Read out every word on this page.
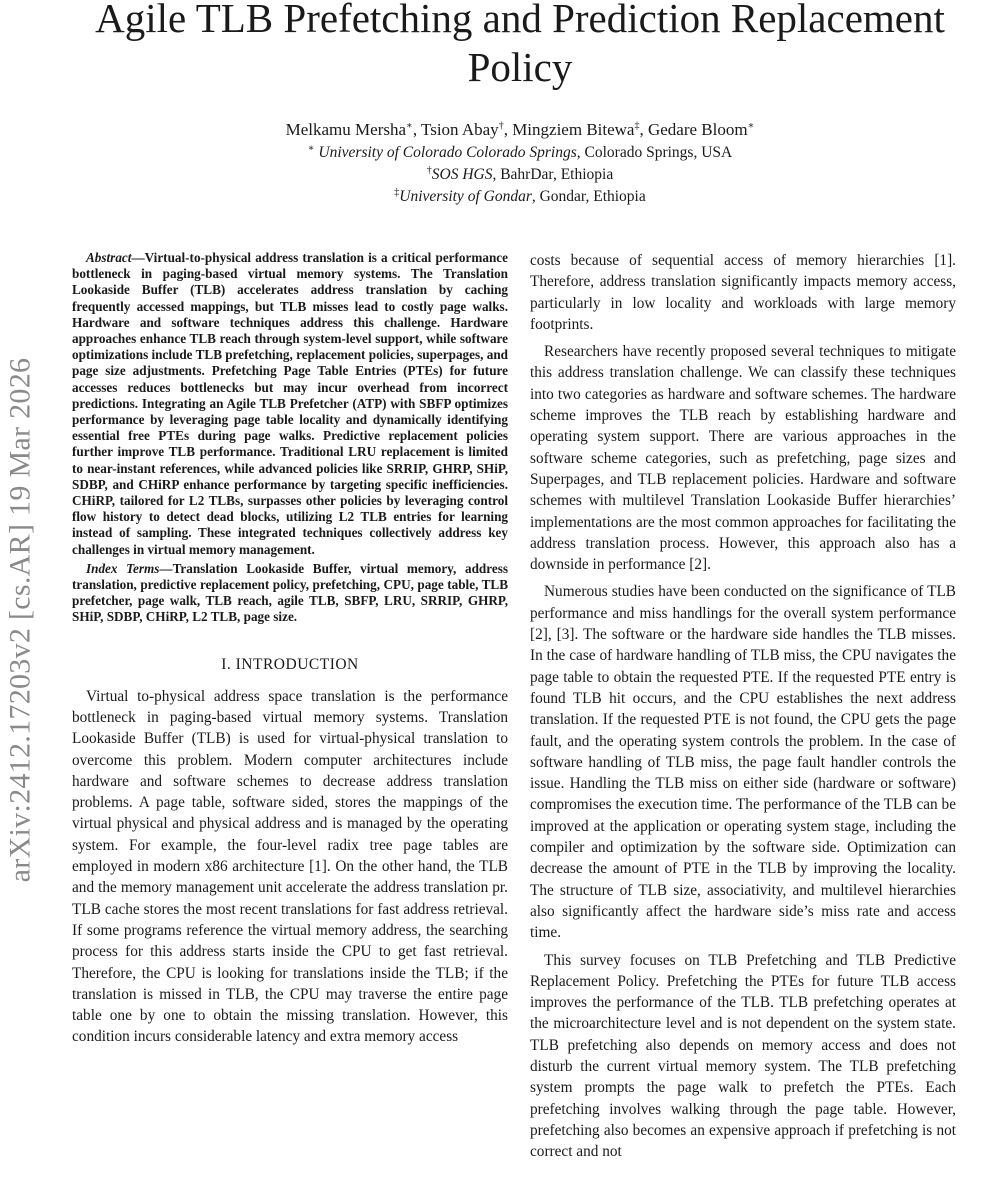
arXiv:2412.17203v2 [cs.AR] 19 Mar 2026
Agile TLB Prefetching and Prediction Replacement Policy
Melkamu Mersha∗, Tsion Abay†, Mingziem Bitewa‡, Gedare Bloom∗
∗ University of Colorado Colorado Springs, Colorado Springs, USA
†SOS HGS, BahrDar, Ethiopia
‡University of Gondar, Gondar, Ethiopia

Abstract—Virtual-to-physical address translation is a critical performance bottleneck in paging-based virtual memory systems. The Translation Lookaside Buffer (TLB) accelerates address translation by caching frequently accessed mappings, but TLB misses lead to costly page walks. Hardware and software techniques address this challenge. Hardware approaches enhance TLB reach through system-level support, while software optimizations include TLB prefetching, replacement policies, superpages, and page size adjustments. Prefetching Page Table Entries (PTEs) for future accesses reduces bottlenecks but may incur overhead from incorrect predictions. Integrating an Agile TLB Prefetcher (ATP) with SBFP optimizes performance by leveraging page table locality and dynamically identifying essential free PTEs during page walks. Predictive replacement policies further improve TLB performance. Traditional LRU replacement is limited to near-instant references, while advanced policies like SRRIP, GHRP, SHiP, SDBP, and CHiRP enhance performance by targeting specific inefficiencies. CHiRP, tailored for L2 TLBs, surpasses other policies by leveraging control flow history to detect dead blocks, utilizing L2 TLB entries for learning instead of sampling. These integrated techniques collectively address key challenges in virtual memory management.

Index Terms—Translation Lookaside Buffer, virtual memory, address translation, predictive replacement policy, prefetching, CPU, page table, TLB prefetcher, page walk, TLB reach, agile TLB, SBFP, LRU, SRRIP, GHRP, SHiP, SDBP, CHiRP, L2 TLB, page size.

I. INTRODUCTION

Virtual to-physical address space translation is the performance bottleneck in paging-based virtual memory systems. Translation Lookaside Buffer (TLB) is used for virtual-physical translation to overcome this problem. Modern computer architectures include hardware and software schemes to decrease address translation problems. A page table, software sided, stores the mappings of the virtual physical and physical address and is managed by the operating system. For example, the four-level radix tree page tables are employed in modern x86 architecture [1]. On the other hand, the TLB and the memory management unit accelerate the address translation pr. TLB cache stores the most recent translations for fast address retrieval. If some programs reference the virtual memory address, the searching process for this address starts inside the CPU to get fast retrieval. Therefore, the CPU is looking for translations inside the TLB; if the translation is missed in TLB, the CPU may traverse the entire page table one by one to obtain the missing translation. However, this condition incurs considerable latency and extra memory access

costs because of sequential access of memory hierarchies [1]. Therefore, address translation significantly impacts memory access, particularly in low locality and workloads with large memory footprints.

Researchers have recently proposed several techniques to mitigate this address translation challenge. We can classify these techniques into two categories as hardware and software schemes. The hardware scheme improves the TLB reach by establishing hardware and operating system support. There are various approaches in the software scheme categories, such as prefetching, page sizes and Superpages, and TLB replacement policies. Hardware and software schemes with multilevel Translation Lookaside Buffer hierarchies’ implementations are the most common approaches for facilitating the address translation process. However, this approach also has a downside in performance [2].

Numerous studies have been conducted on the significance of TLB performance and miss handlings for the overall system performance [2], [3]. The software or the hardware side handles the TLB misses. In the case of hardware handling of TLB miss, the CPU navigates the page table to obtain the requested PTE. If the requested PTE entry is found TLB hit occurs, and the CPU establishes the next address translation. If the requested PTE is not found, the CPU gets the page fault, and the operating system controls the problem. In the case of software handling of TLB miss, the page fault handler controls the issue. Handling the TLB miss on either side (hardware or software) compromises the execution time. The performance of the TLB can be improved at the application or operating system stage, including the compiler and optimization by the software side. Optimization can decrease the amount of PTE in the TLB by improving the locality. The structure of TLB size, associativity, and multilevel hierarchies also significantly affect the hardware side’s miss rate and access time.

This survey focuses on TLB Prefetching and TLB Predictive Replacement Policy. Prefetching the PTEs for future TLB access improves the performance of the TLB. TLB prefetching operates at the microarchitecture level and is not dependent on the system state. TLB prefetching also depends on memory access and does not disturb the current virtual memory system. The TLB prefetching system prompts the page walk to prefetch the PTEs. Each prefetching involves walking through the page table. However, prefetching also becomes an expensive approach if prefetching is not correct and not
